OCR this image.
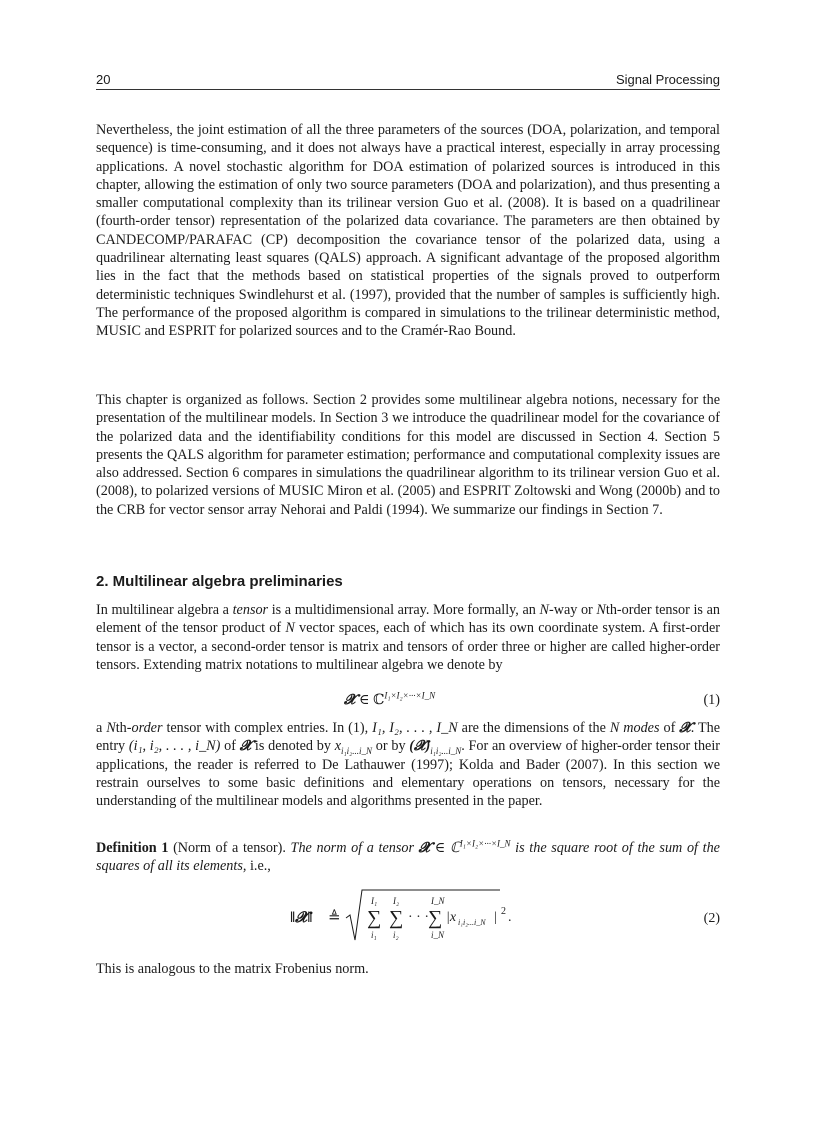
20	Signal Processing

Nevertheless, the joint estimation of all the three parameters of the sources (DOA, polarization, and temporal sequence) is time-consuming, and it does not always have a practical interest, especially in array processing applications. A novel stochastic algorithm for DOA estimation of polarized sources is introduced in this chapter, allowing the estimation of only two source parameters (DOA and polarization), and thus presenting a smaller computational complexity than its trilinear version Guo et al. (2008). It is based on a quadrilinear (fourth-order tensor) representation of the polarized data covariance. The parameters are then obtained by CANDECOMP/PARAFAC (CP) decomposition the covariance tensor of the polarized data, using a quadrilinear alternating least squares (QALS) approach. A significant advantage of the proposed algorithm lies in the fact that the methods based on statistical properties of the signals proved to outperform deterministic techniques Swindlehurst et al. (1997), provided that the number of samples is sufficiently high. The performance of the proposed algorithm is compared in simulations to the trilinear deterministic method, MUSIC and ESPRIT for polarized sources and to the Cramér-Rao Bound.

This chapter is organized as follows. Section 2 provides some multilinear algebra notions, necessary for the presentation of the multilinear models. In Section 3 we introduce the quadrilinear model for the covariance of the polarized data and the identifiability conditions for this model are discussed in Section 4. Section 5 presents the QALS algorithm for parameter estimation; performance and computational complexity issues are also addressed. Section 6 compares in simulations the quadrilinear algorithm to its trilinear version Guo et al. (2008), to polarized versions of MUSIC Miron et al. (2005) and ESPRIT Zoltowski and Wong (2000b) and to the CRB for vector sensor array Nehorai and Paldi (1994). We summarize our findings in Section 7.

2. Multilinear algebra preliminaries

In multilinear algebra a tensor is a multidimensional array. More formally, an N-way or Nth-order tensor is an element of the tensor product of N vector spaces, each of which has its own coordinate system. A first-order tensor is a vector, a second-order tensor is matrix and tensors of order three or higher are called higher-order tensors. Extending matrix notations to multilinear algebra we denote by

𝓧 ∈ ℂ$^{I_1\times I_2\times\cdot\cdot\cdot\times I\_N}$	(1)

a Nth-order tensor with complex entries. In (1), I₁, I₂, . . . , I_N are the dimensions of the N modes of 𝓧. The entry (i₁, i₂, . . . , i_N) of 𝓧 is denoted by $x_{i_1i_2...i\_N}$ or by $(𝓧)_{i_1i_2...i\_N}$. For an overview of higher-order tensor their applications, the reader is referred to De Lathauwer (1997); Kolda and Bader (2007). In this section we restrain ourselves to some basic definitions and elementary operations on tensors, necessary for the understanding of the multilinear models and algorithms presented in the paper.

Definition 1 (Norm of a tensor). The norm of a tensor 𝓧 ∈ ℂ$^{I_1\times I_2\times\cdot\cdot\cdot\times I\_N}$ is the square root of the sum of the squares of all its elements, i.e.,

‖𝓧‖ ≜
I₁ I₂	I_N
∑ ∑ · · · ∑
i₁ i₂	i_N
|x i₁i₂...i_N | 2 .	(2)

This is analogous to the matrix Frobenius norm.
